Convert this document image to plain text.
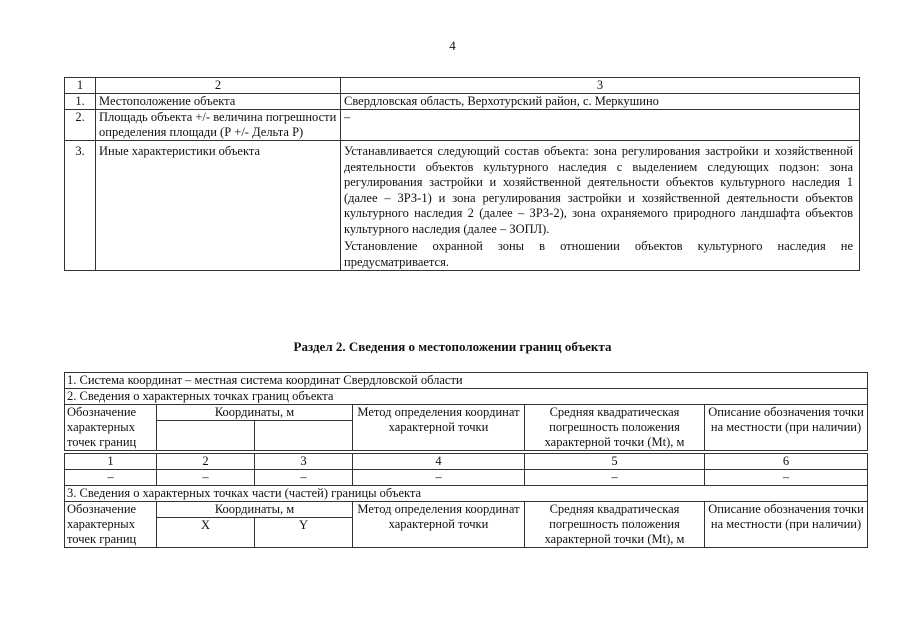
4
1	2	3
1.	Местоположение объекта	Свердловская область, Верхотурский район, с. Меркушино
2.	Площадь объекта +/- величина погрешности определения площади (Р +/- Дельта Р)	–
3.	Иные характеристики объекта	Устанавливается следующий состав объекта: зона регулирования застройки и хозяйственной деятельности объектов культурного наследия с выделением следующих подзон: зона регулирования застройки и хозяйственной деятельности объектов культурного наследия 1 (далее – ЗРЗ-1) и зона регулирования застройки и хозяйственной деятельности объектов культурного наследия 2 (далее – ЗРЗ-2), зона охраняемого природного ландшафта объектов культурного наследия (далее – ЗОПЛ).
Установление охранной зоны в отношении объектов культурного наследия не предусматривается.
Раздел 2. Сведения о местоположении границ объекта
1. Система координат – местная система координат Свердловской области					
2. Сведения о характерных точках границ объекта					
Обозначение характерных точек границ	Координаты, м		Метод определения координат характерной точки	Средняя квадратическая погрешность положения характерной точки (Mt), м	Описание обозначения точки на местности (при наличии)

1	2	3	4	5	6
–	–	–	–	–	–
3. Сведения о характерных точках части (частей) границы объекта					
Обозначение характерных точек границ	Координаты, м		Метод определения координат характерной точки	Средняя квадратическая погрешность положения характерной точки (Mt), м	Описание обозначения точки на местности (при наличии)
	X	Y			
